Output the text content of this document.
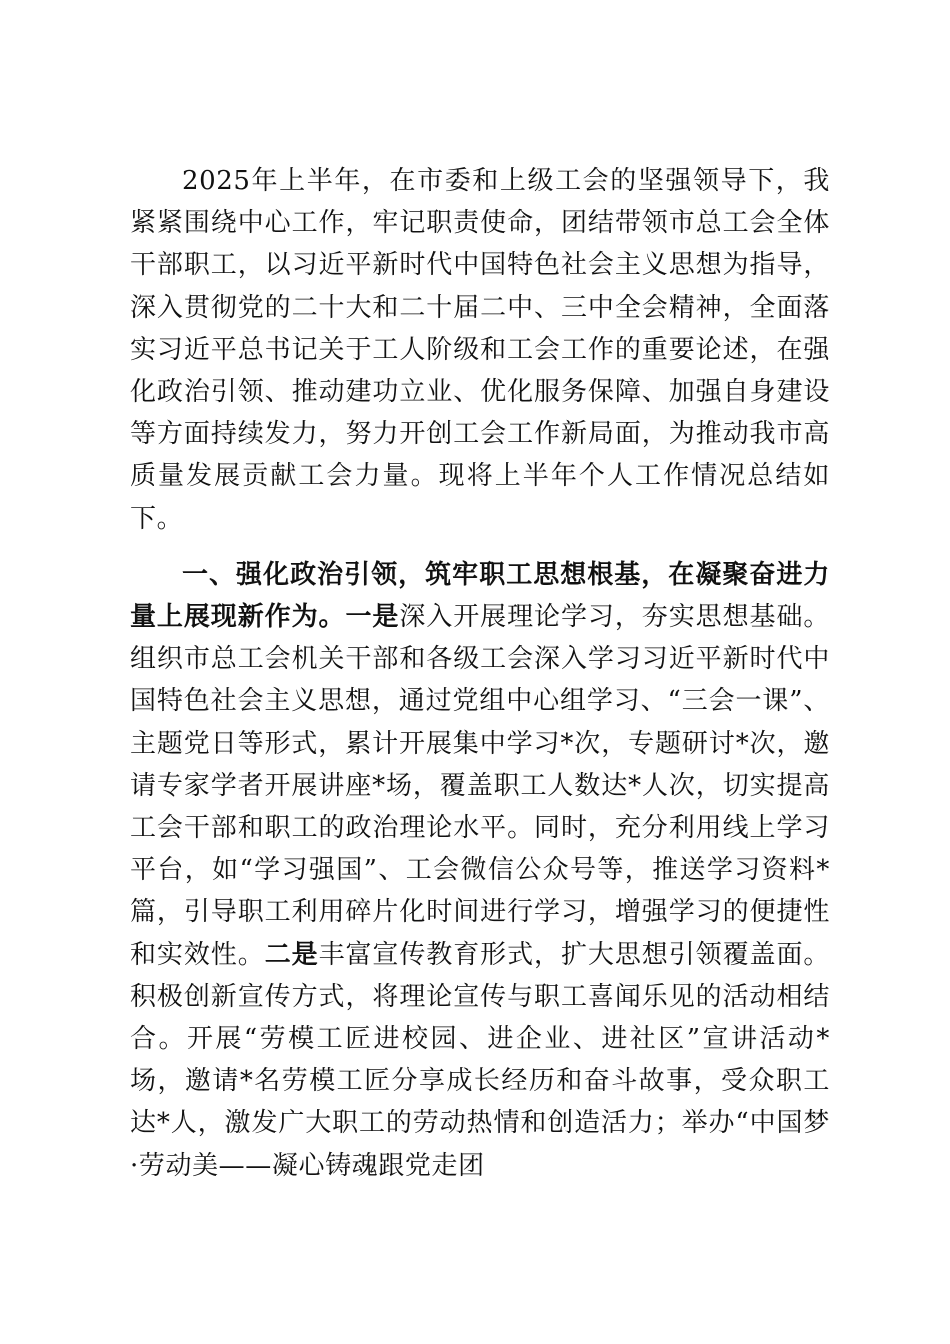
2025年上半年，在市委和上级工会的坚强领导下，我紧紧围绕中心工作，牢记职责使命，团结带领市总工会全体干部职工，以习近平新时代中国特色社会主义思想为指导，深入贯彻党的二十大和二十届二中、三中全会精神，全面落实习近平总书记关于工人阶级和工会工作的重要论述，在强化政治引领、推动建功立业、优化服务保障、加强自身建设等方面持续发力，努力开创工会工作新局面，为推动我市高质量发展贡献工会力量。现将上半年个人工作情况总结如下。

一、强化政治引领，筑牢职工思想根基，在凝聚奋进力量上展现新作为。一是深入开展理论学习，夯实思想基础。组织市总工会机关干部和各级工会深入学习习近平新时代中国特色社会主义思想，通过党组中心组学习、“三会一课”、主题党日等形式，累计开展集中学习*次，专题研讨*次，邀请专家学者开展讲座*场，覆盖职工人数达*人次，切实提高工会干部和职工的政治理论水平。同时，充分利用线上学习平台，如“学习强国”、工会微信公众号等，推送学习资料*篇，引导职工利用碎片化时间进行学习，增强学习的便捷性和实效性。二是丰富宣传教育形式，扩大思想引领覆盖面。积极创新宣传方式，将理论宣传与职工喜闻乐见的活动相结合。开展“劳模工匠进校园、进企业、进社区”宣讲活动*场，邀请*名劳模工匠分享成长经历和奋斗故事，受众职工达*人，激发广大职工的劳动热情和创造活力；举办“中国梦·劳动美——凝心铸魂跟党走团
